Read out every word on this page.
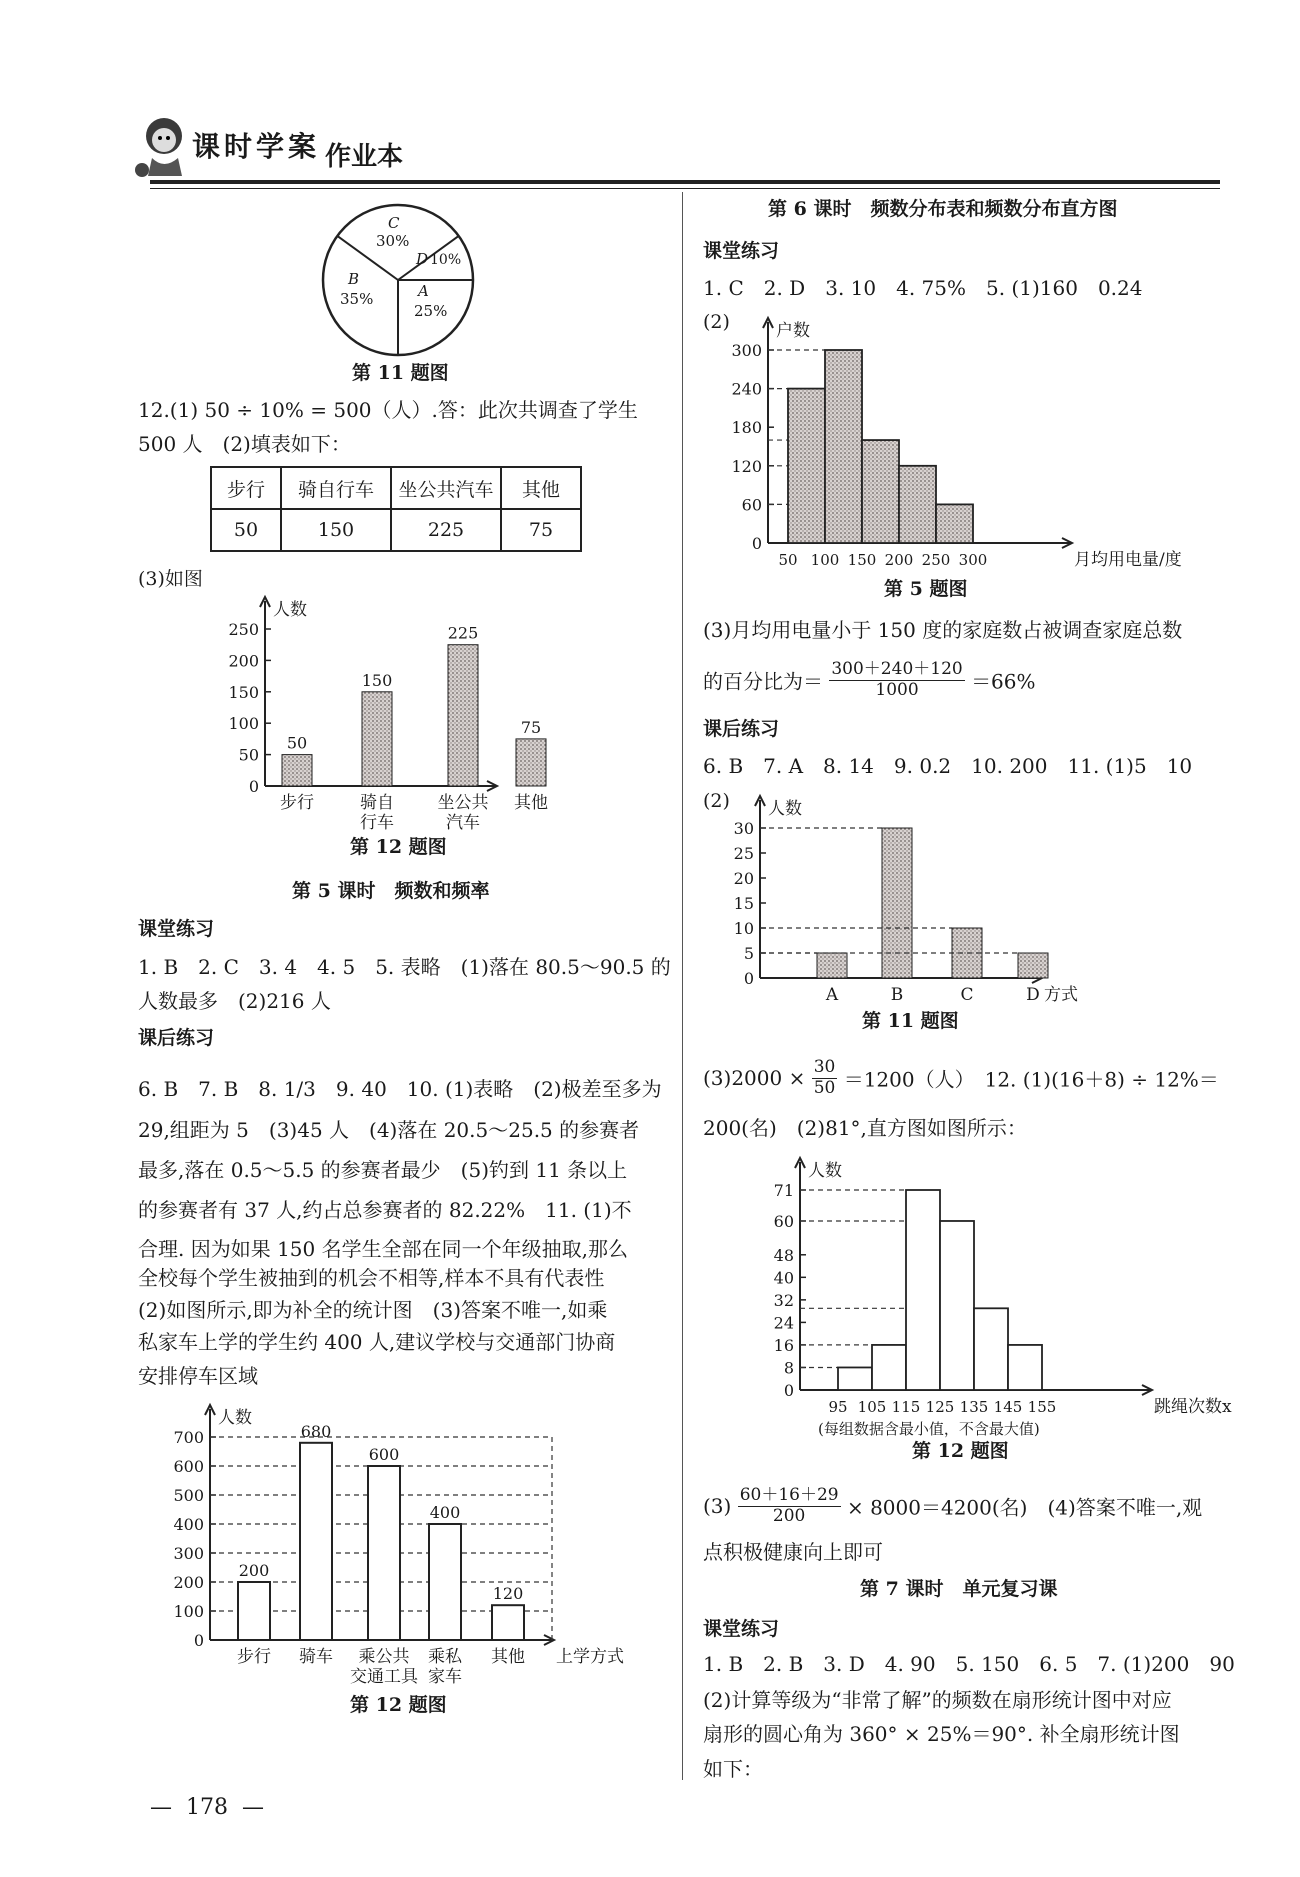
课时学案 作业本
C
30%
D 10%
A
25%
B
35%
第 11 题图
12.(1) 50 ÷ 10% = 500（人）.答：此次共调查了学生
500 人　(2)填表如下：
步行	骑自行车	坐公共汽车	其他
50	150	225	75
(3)如图
人数
0
50
100
150
200
250
50
步行
150
骑自
行车
225
坐公共
汽车
75
其他
第 12 题图
第 5 课时　频数和频率
课堂练习
1. B　2. C　3. 4　4. 5　5. 表略　(1)落在 80.5～90.5 的
人数最多　(2)216 人
课后练习
6. B　7. B　8. 1/3　9. 40　10. (1)表略　(2)极差至多为
29,组距为 5　(3)45 人　(4)落在 20.5～25.5 的参赛者
最多,落在 0.5～5.5 的参赛者最少　(5)钓到 11 条以上
的参赛者有 37 人,约占总参赛者的 82.22%　11. (1)不
合理. 因为如果 150 名学生全部在同一个年级抽取,那么
全校每个学生被抽到的机会不相等,样本不具有代表性
(2)如图所示,即为补全的统计图　(3)答案不唯一,如乘
私家车上学的学生约 400 人,建议学校与交通部门协商
安排停车区域
人数
上学方式
0
100
200
300
400
500
600
700
200
步行
680
骑车
600
乘公共
交通工具
400
乘私
家车
120
其他
第 12 题图
—  178  —
第 6 课时　频数分布表和频数分布直方图
课堂练习
1. C　2. D　3. 10　4. 75%　5. (1)160　0.24
(2)	户数
月均用电量/度
0
60
120
180
240
300
50 100 150 200 250 300
第 5 题图
(3)月均用电量小于 150 度的家庭数占被调查家庭总数
的百分比为＝ $\frac{300+240+120}{1000} =66\%$
课后练习
6. B　7. A　8. 14　9. 0.2　10. 200　11. (1)5　10
(2) 人数
方式
0
5
10
15
20
25
30
A	B	C	D
第 11 题图
$(3)2000 \times \frac{30}{50} =1200$（人）　12. (1)(16＋8) ÷ 12%＝
200(名)　(2)81°,直方图如图所示：
人数
跳绳次数x
0
8
16
24
32
40
48
60
71
95 105 115 125 135 145 155
(每组数据含最小值，不含最大值)
第 12 题图
$(3) \frac{60+16+29}{200} \times 8000=4200$(名)　(4)答案不唯一,观
点积极健康向上即可
第 7 课时　单元复习课
课堂练习
1. B　2. B　3. D　4. 90　5. 150　6. 5　7. (1)200　90
(2)计算等级为“非常了解”的频数在扇形统计图中对应
扇形的圆心角为 360° × 25%＝90°. 补全扇形统计图
如下：
